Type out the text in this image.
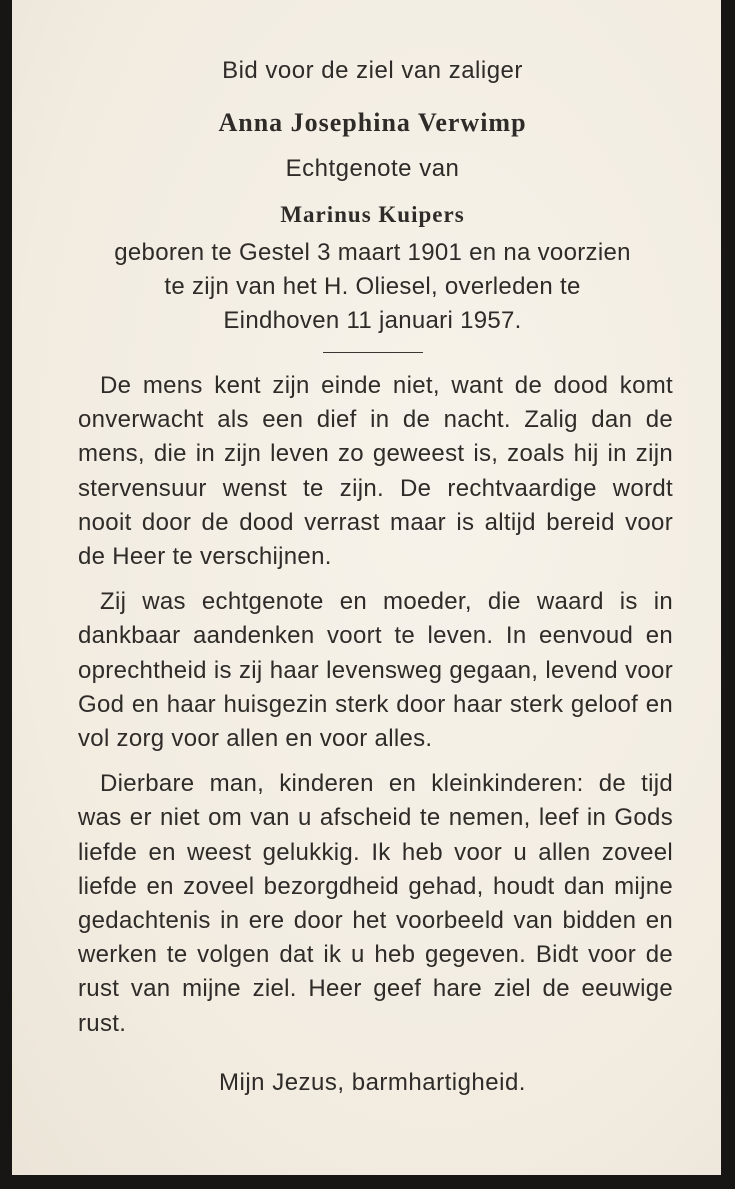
Bid voor de ziel van zaliger
Anna Josephina Verwimp
Echtgenote van
Marinus Kuipers
geboren te Gestel 3 maart 1901 en na voorzien
te zijn van het H. Oliesel, overleden te
Eindhoven 11 januari 1957.

De mens kent zijn einde niet, want de dood komt onverwacht als een dief in de nacht. Zalig dan de mens, die in zijn leven zo geweest is, zoals hij in zijn stervensuur wenst te zijn. De rechtvaardige wordt nooit door de dood verrast maar is altijd bereid voor de Heer te verschijnen.

Zij was echtgenote en moeder, die waard is in dankbaar aandenken voort te leven. In eenvoud en oprechtheid is zij haar levensweg gegaan, levend voor God en haar huisgezin sterk door haar sterk geloof en vol zorg voor allen en voor alles.

Dierbare man, kinderen en kleinkinderen: de tijd was er niet om van u afscheid te nemen, leef in Gods liefde en weest gelukkig. Ik heb voor u allen zoveel liefde en zoveel bezorgdheid gehad, houdt dan mijne gedachtenis in ere door het voorbeeld van bidden en werken te volgen dat ik u heb gegeven. Bidt voor de rust van mijne ziel. Heer geef hare ziel de eeuwige rust.

Mijn Jezus, barmhartigheid.
